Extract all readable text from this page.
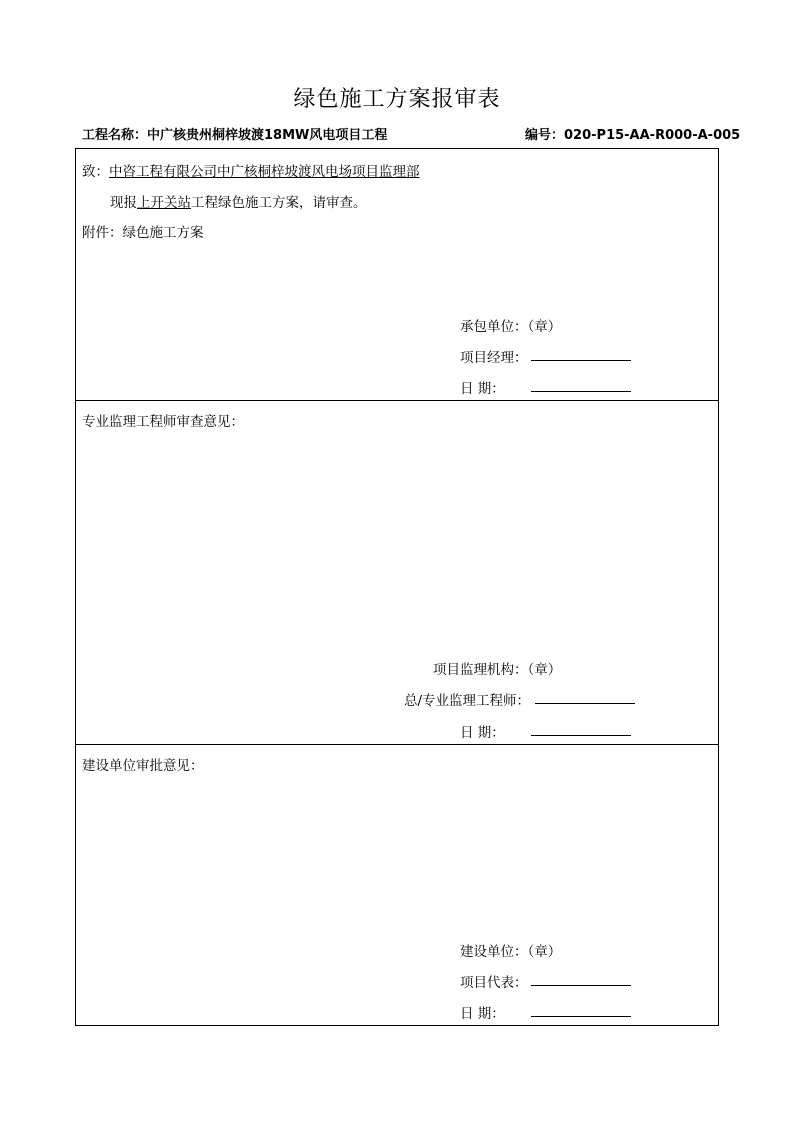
绿色施工方案报审表
工程名称：中广核贵州桐梓坡渡18MW风电项目工程	编号：020-P15-AA-R000-A-005
致：中咨工程有限公司中广核桐梓坡渡风电场项目监理部
现报上开关站工程绿色施工方案，请审查。
附件：绿色施工方案
承包单位：（章）
项目经理：
日 期：
专业监理工程师审查意见：
项目监理机构：（章）
总/专业监理工程师：
日 期：
建设单位审批意见：
建设单位：（章）
项目代表：
日 期：
